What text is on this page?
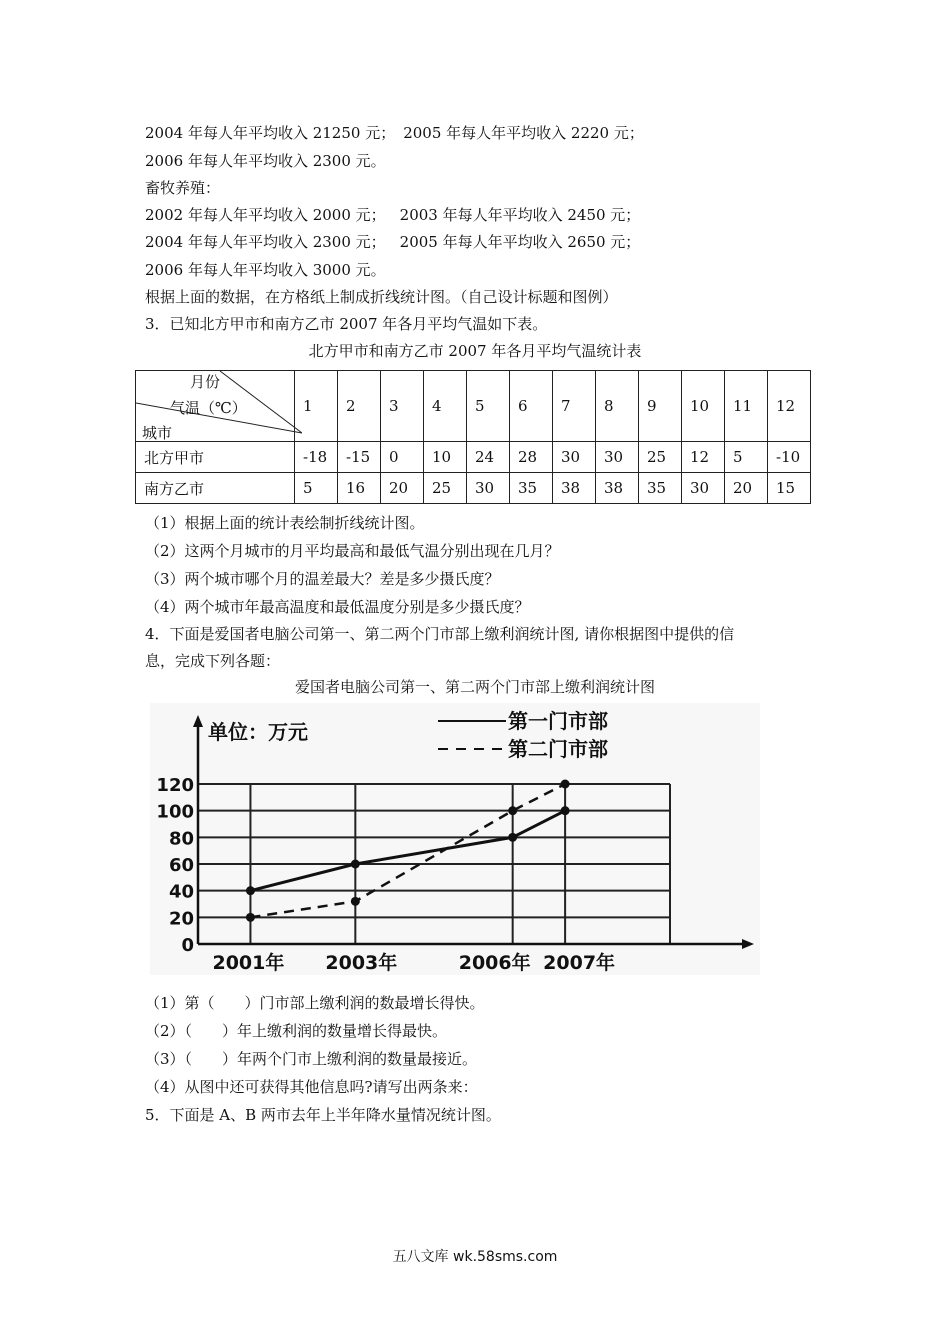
2004 年每人年平均收入 21250 元； 2005 年每人年平均收入 2220 元；
2006 年每人年平均收入 2300 元。
畜牧养殖：
2002 年每人年平均收入 2000 元； 2003 年每人年平均收入 2450 元；
2004 年每人年平均收入 2300 元； 2005 年每人年平均收入 2650 元；
2006 年每人年平均收入 3000 元。
根据上面的数据，在方格纸上制成折线统计图。（自己设计标题和图例）
3．已知北方甲市和南方乙市 2007 年各月平均气温如下表。
北方甲市和南方乙市 2007 年各月平均气温统计表
月份
气温（℃）
城市	1	2	3	4	5	6	7	8	9	10	11	12
北方甲市	-18	-15	0	10	24	28	30	30	25	12	5	-10
南方乙市	5	16	20	25	30	35	38	38	35	30	20	15
（1）根据上面的统计表绘制折线统计图。
（2）这两个月城市的月平均最高和最低气温分别出现在几月？
（3）两个城市哪个月的温差最大？差是多少摄氏度？
（4）两个城市年最高温度和最低温度分别是多少摄氏度？
4．下面是爱国者电脑公司第一、第二两个门市部上缴利润统计图, 请你根据图中提供的信
息，完成下列各题：
爱国者电脑公司第一、第二两个门市部上缴利润统计图
单位：万元	第一门市部
第二门市部
0
20
40
60
80
100
120
2001年 2003年	2006年 2007年
（1）第（　　）门市部上缴利润的数最增长得快。
（2）（　　）年上缴利润的数量增长得最快。
（3）（　　）年两个门市上缴利润的数量最接近。
（4）从图中还可获得其他信息吗?请写出两条来：
5．下面是 A、B 两市去年上半年降水量情况统计图。
五八文库 wk.58sms.com
